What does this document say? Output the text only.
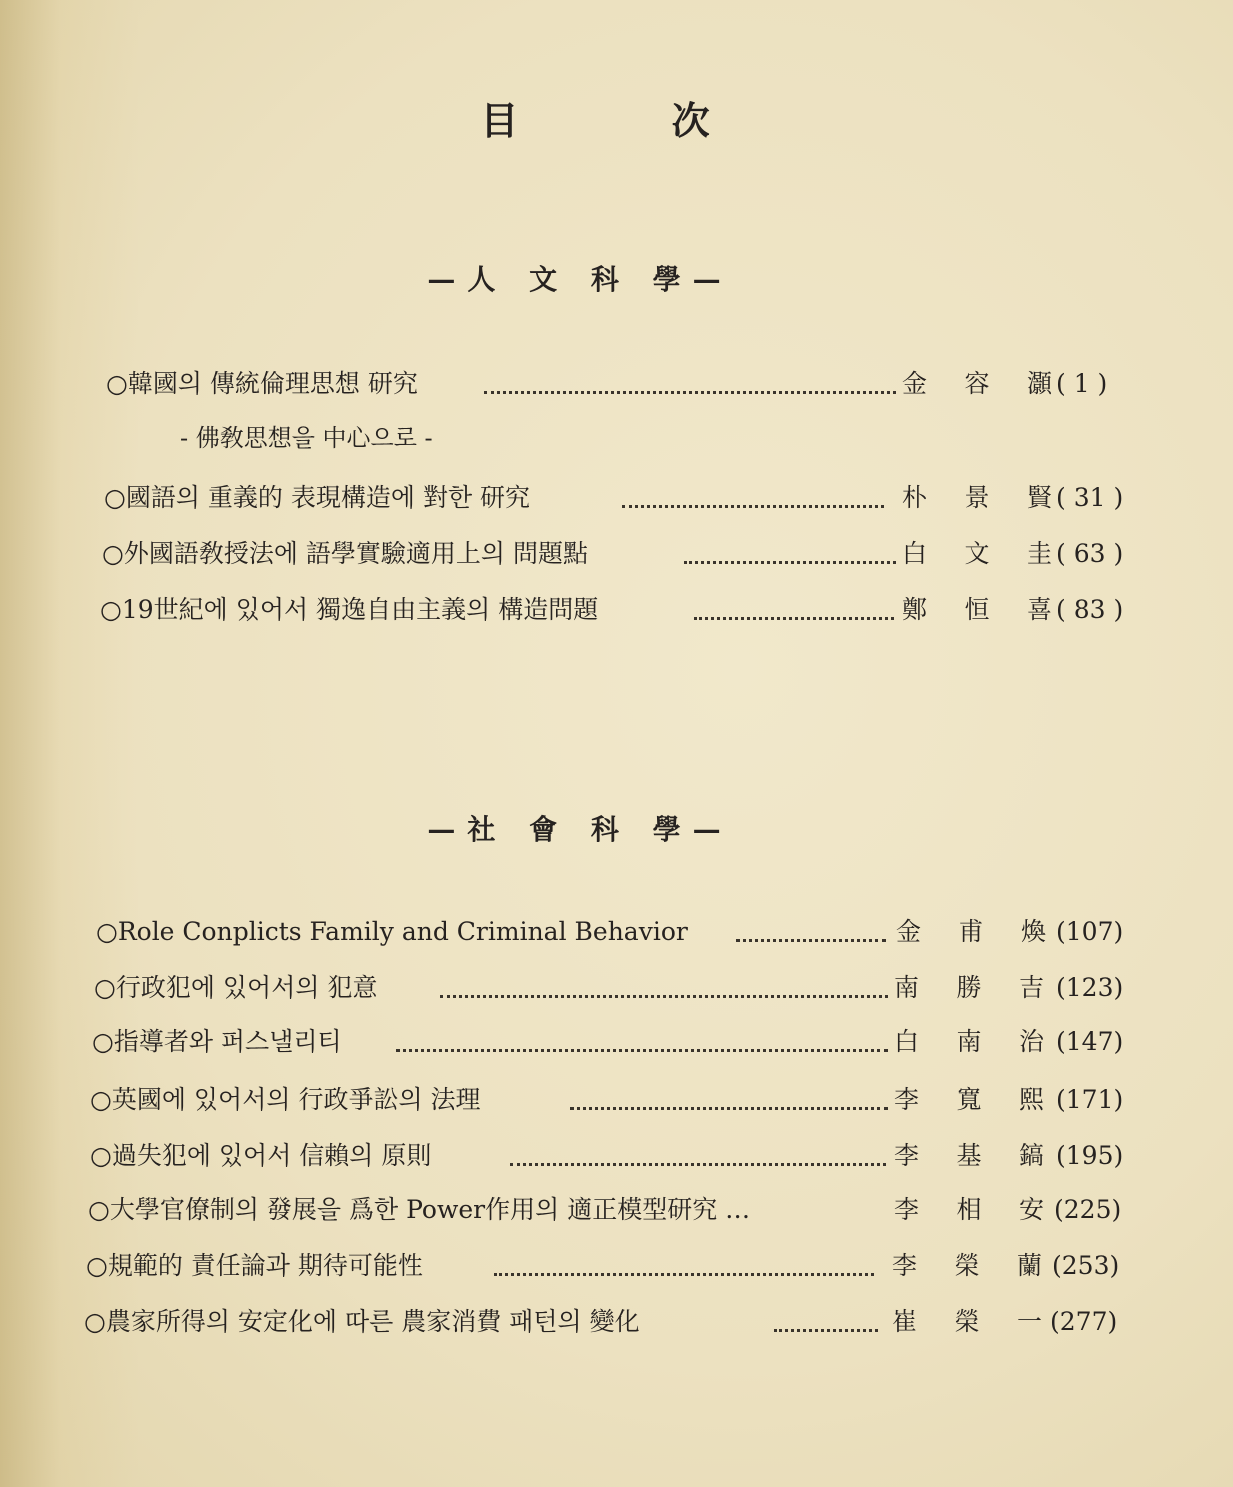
目 次
—人 文 科 學—
○韓國의 傳統倫理思想 研究	金 容 灝 ( 1 )
- 佛敎思想을 中心으로 -
○國語의 重義的 表現構造에 對한 研究	朴 景 賢 ( 31 )
○外國語敎授法에 語學實驗適用上의 問題點	白 文 圭 ( 63 )
○19世紀에 있어서 獨逸自由主義의 構造問題	鄭 恒 喜 ( 83 )
—社 會 科 學—
○Role Conplicts Family and Criminal Behavior	金 甫 煥 (107)
○行政犯에 있어서의 犯意	南 勝 吉 (123)
○指導者와 퍼스낼리티	白 南 治 (147)
○英國에 있어서의 行政爭訟의 法理	李 寬 熙 (171)
○過失犯에 있어서 信賴의 原則	李 基 鎬 (195)
○大學官僚制의 發展을 爲한 Power作用의 適正模型研究 …	李 相 安 (225)
○規範的 責任論과 期待可能性	李 榮 蘭 (253)
○農家所得의 安定化에 따른 農家消費 패턴의 變化	崔 榮 一 (277)
